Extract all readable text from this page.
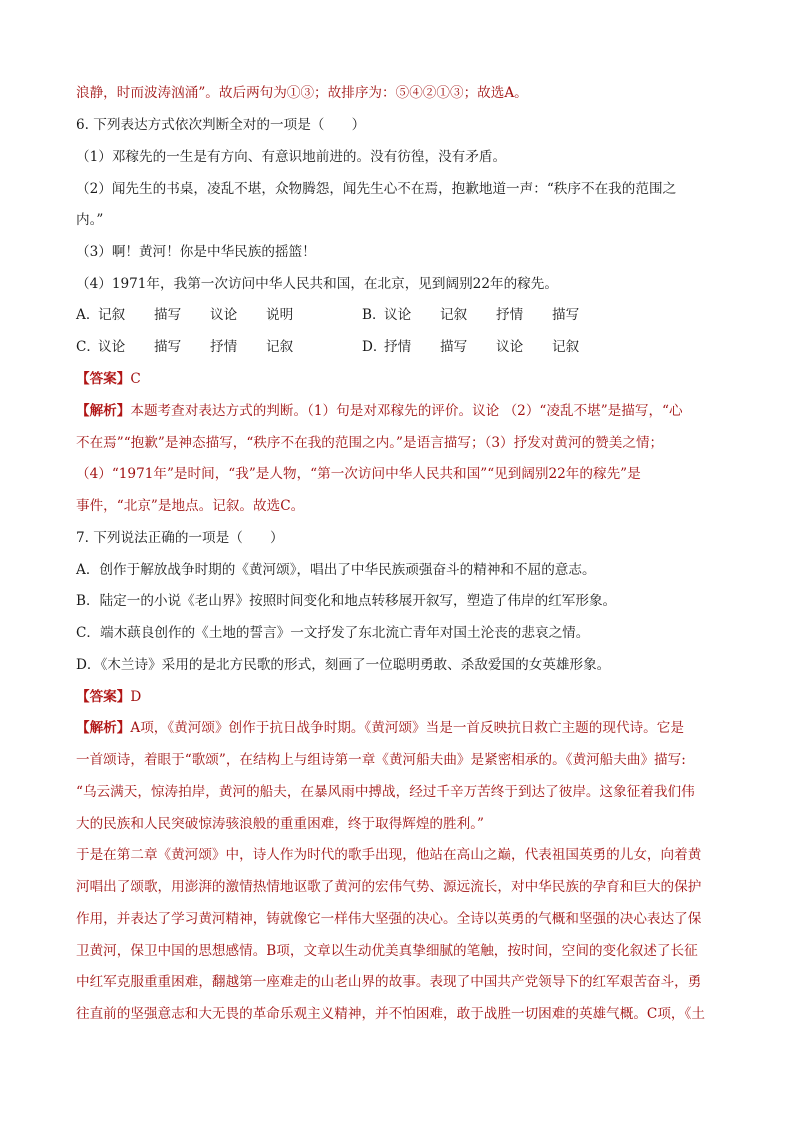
浪静，时而波涛汹涌”。故后两句为①③；故排序为：⑤④②①③；故选A。
6. 下列表达方式依次判断全对的一项是（　　）
（1）邓稼先的一生是有方向、有意识地前进的。没有彷徨，没有矛盾。
（2）闻先生的书桌，凌乱不堪，众物腾怨，闻先生心不在焉，抱歉地道一声：“秩序不在我的范围之
内。”
（3）啊！黄河！你是中华民族的摇篮！
（4）1971年，我第一次访问中华人民共和国，在北京，见到阔别22年的稼先。
A．记叙 描写 议论 说明	B．议论 记叙 抒情 描写
C．议论 描写 抒情 记叙	D．抒情 描写 议论 记叙
【答案】C
【解析】本题考查对表达方式的判断。（1）句是对邓稼先的评价。议论 （2）“凌乱不堪”是描写，“心
不在焉”“抱歉”是神态描写，“秩序不在我的范围之内。”是语言描写；（3）抒发对黄河的赞美之情；
（4）“1971年”是时间，“我”是人物，“第一次访问中华人民共和国”“见到阔别22年的稼先”是
事件，“北京”是地点。记叙。故选C。
7. 下列说法正确的一项是（　　）
A．创作于解放战争时期的《黄河颂》，唱出了中华民族顽强奋斗的精神和不屈的意志。
B．陆定一的小说《老山界》按照时间变化和地点转移展开叙写，塑造了伟岸的红军形象。
C．端木蕻良创作的《土地的誓言》一文抒发了东北流亡青年对国土沦丧的悲哀之情。
D．《木兰诗》采用的是北方民歌的形式，刻画了一位聪明勇敢、杀敌爱国的女英雄形象。
【答案】D
【解析】A项，《黄河颂》创作于抗日战争时期。《黄河颂》当是一首反映抗日救亡主题的现代诗。它是
一首颂诗，着眼于“歌颂”，在结构上与组诗第一章《黄河船夫曲》是紧密相承的。《黄河船夫曲》描写:
“乌云满天，惊涛拍岸，黄河的船夫，在暴风雨中搏战，经过千辛万苦终于到达了彼岸。这象征着我们伟
大的民族和人民突破惊涛骇浪般的重重困难，终于取得辉煌的胜利。”
于是在第二章《黄河颂》中，诗人作为时代的歌手出现，他站在高山之巅，代表祖国英勇的儿女，向着黄
河唱出了颂歌，用澎湃的激情热情地讴歌了黄河的宏伟气势、源远流长，对中华民族的孕育和巨大的保护
作用，并表达了学习黄河精神，铸就像它一样伟大坚强的决心。全诗以英勇的气概和坚强的决心表达了保
卫黄河，保卫中国的思想感情。B项，文章以生动优美真挚细腻的笔触，按时间，空间的变化叙述了长征
中红军克服重重困难，翻越第一座难走的山老山界的故事。表现了中国共产党领导下的红军艰苦奋斗，勇
往直前的坚强意志和大无畏的革命乐观主义精神，并不怕困难，敢于战胜一切困难的英雄气概。C项，《土
